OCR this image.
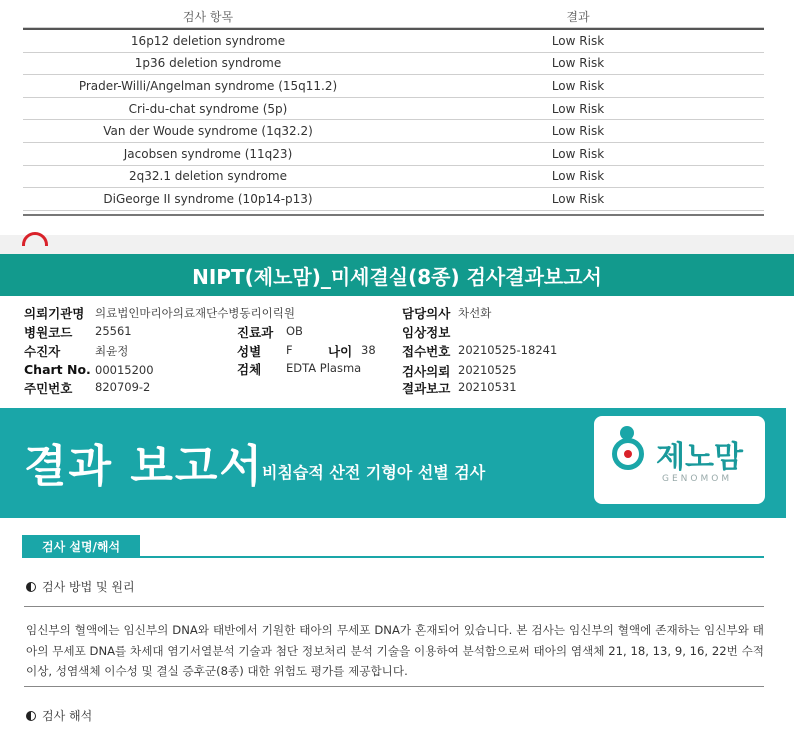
검사 항목	결과
16p12 deletion syndrome	Low Risk
1p36 deletion syndrome	Low Risk
Prader-Willi/Angelman syndrome (15q11.2)	Low Risk
Cri-du-chat syndrome (5p)	Low Risk
Van der Woude syndrome (1q32.2)	Low Risk
Jacobsen syndrome (11q23)	Low Risk
2q32.1 deletion syndrome	Low Risk
DiGeorge II syndrome (10p14-p13)	Low Risk
NIPT(제노맘)_미세결실(8종) 검사결과보고서
의뢰기관명 의료법인마리아의료재단수병동리이릭원
병원코드 25561
수진자	최윤정
Chart No. 00015200
주민번호 820709-2
진료과 OB
성별 F	나이 38
검체 EDTA Plasma
담당의사 차선화
임상정보
접수번호 20210525-18241
검사의뢰 20210525
결과보고 20210531
결과 보고서
비침습적 산전 기형아 선별 검사	제노맘
GENOMOM
검사 설명/해석
검사 방법 및 원리
임신부의 혈액에는 임신부의 DNA와 태반에서 기원한 태아의 무세포 DNA가 혼재되어 있습니다. 본 검사는 임신부의 혈액에 존재하는 임신부와 태아의 무세포 DNA를 차세대 염기서열분석 기술과 첨단 정보처리 분석 기술을 이용하여 분석함으로써 태아의 염색체 21, 18, 13, 9, 16, 22번 수적 이상, 성염색체 이수성 및 결실 증후군(8종) 대한 위험도 평가를 제공합니다.
검사 해석
